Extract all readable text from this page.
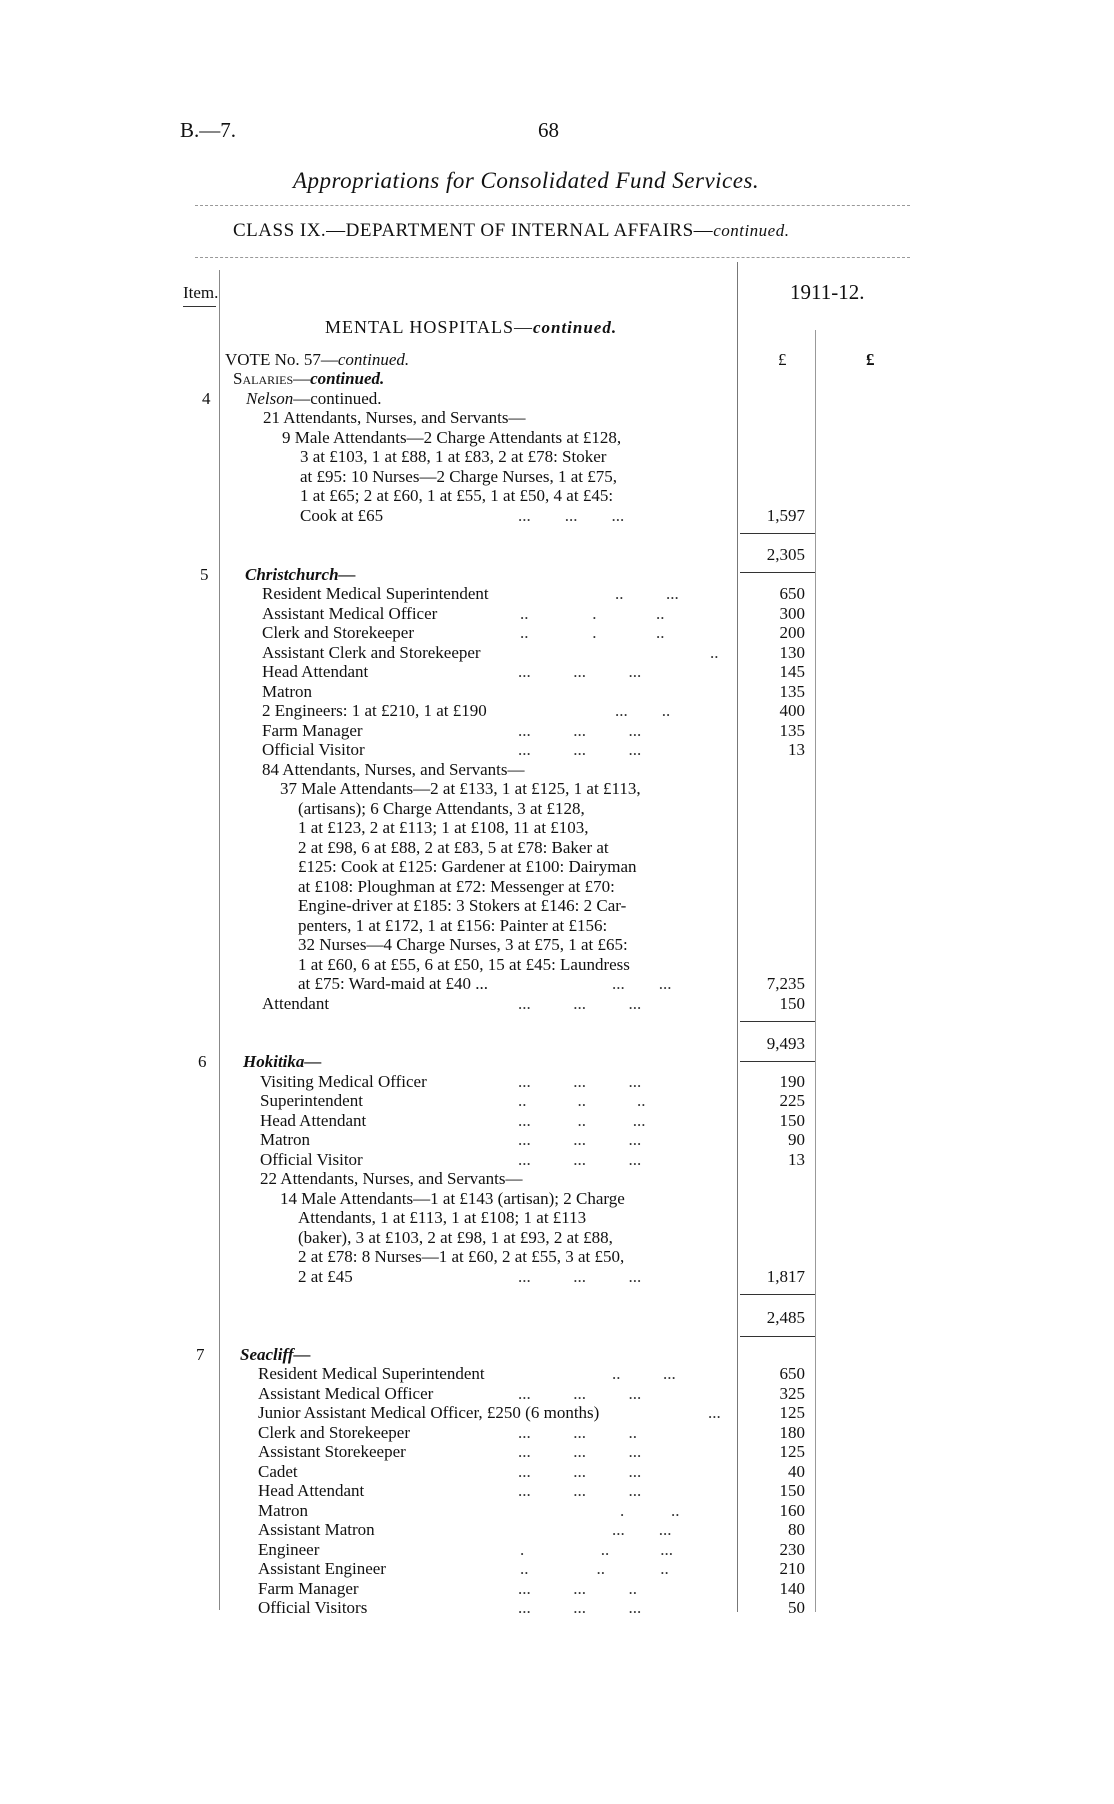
B.—7.	68
Appropriations for Consolidated Fund Services.
CLASS IX.—DEPARTMENT OF INTERNAL AFFAIRS—continued.
Item.	1911-12.
MENTAL HOSPITALS—continued.
VOTE No. 57—continued.	£	£
Salaries—continued.
4 Nelson—continued.
21 Attendants, Nurses, and Servants—
9 Male Attendants—2 Charge Attendants at £128,
3 at £103, 1 at £88, 1 at £83, 2 at £78: Stoker
at £95: 10 Nurses—2 Charge Nurses, 1 at £75,
1 at £65; 2 at £60, 1 at £55, 1 at £50, 4 at £45:
Cook at £65	...        ...        ...	1,597
2,305
5 Christchurch—
Resident Medical Superintendent	..          ...	650
Assistant Medical Officer	..               .              ..	300
Clerk and Storekeeper	..               .              ..	200
Assistant Clerk and Storekeeper	..	130
Head Attendant	...          ...          ...	145
Matron	135
2 Engineers: 1 at £210, 1 at £190	...        ..	400
Farm Manager	...          ...          ...	135
Official Visitor	...          ...          ...	13
84 Attendants, Nurses, and Servants—
37 Male Attendants—2 at £133, 1 at £125, 1 at £113,
(artisans); 6 Charge Attendants, 3 at £128,
1 at £123, 2 at £113; 1 at £108, 11 at £103,
2 at £98, 6 at £88, 2 at £83, 5 at £78: Baker at
£125: Cook at £125: Gardener at £100: Dairyman
at £108: Ploughman at £72: Messenger at £70:
Engine-driver at £185: 3 Stokers at £146: 2 Car-
penters, 1 at £172, 1 at £156: Painter at £156:
32 Nurses—4 Charge Nurses, 3 at £75, 1 at £65:
1 at £60, 6 at £55, 6 at £50, 15 at £45: Laundress
at £75: Ward-maid at £40 ...	...        ...	7,235
Attendant	...          ...          ...	150
9,493
6 Hokitika—
Visiting Medical Officer	...          ...          ...	190
Superintendent	..            ..            ..	225
Head Attendant	...           ..           ...	150
Matron	...          ...          ...	90
Official Visitor	...          ...          ...	13
22 Attendants, Nurses, and Servants—
14 Male Attendants—1 at £143 (artisan); 2 Charge
Attendants, 1 at £113, 1 at £108; 1 at £113
(baker), 3 at £103, 2 at £98, 1 at £93, 2 at £88,
2 at £78: 8 Nurses—1 at £60, 2 at £55, 3 at £50,
2 at £45	...          ...          ...	1,817
2,485
7 Seacliff—
Resident Medical Superintendent	..          ...	650
Assistant Medical Officer	...          ...          ...	325
Junior Assistant Medical Officer, £250 (6 months)	...	125
Clerk and Storekeeper	...          ...          ..	180
Assistant Storekeeper	...          ...          ...	125
Cadet	...          ...          ...	40
Head Attendant	...          ...          ...	150
Matron	.           ..	160
Assistant Matron	...        ...	80
Engineer	.                  ..            ...	230
Assistant Engineer	..                ..             ..	210
Farm Manager	...          ...          ..	140
Official Visitors	...          ...          ...	50
